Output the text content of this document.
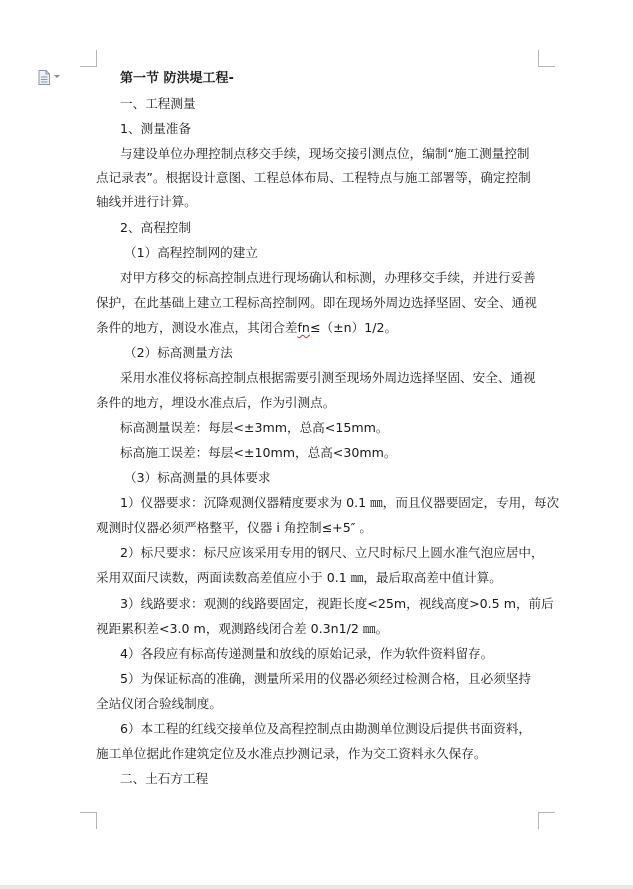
第一节 防洪堤工程-
一、工程测量
1、测量准备
与建设单位办理控制点移交手续，现场交接引测点位，编制“施工测量控制
点记录表”。根据设计意图、工程总体布局、工程特点与施工部署等，确定控制
轴线并进行计算。
2、高程控制
（1）高程控制网的建立
对甲方移交的标高控制点进行现场确认和标测，办理移交手续，并进行妥善
保护，在此基础上建立工程标高控制网。即在现场外周边选择坚固、安全、通视
条件的地方，测设水准点，其闭合差fn≤（±n）1/2。
（2）标高测量方法
采用水准仪将标高控制点根据需要引测至现场外周边选择坚固、安全、通视
条件的地方，埋设水准点后，作为引测点。
标高测量误差：每层<±3mm，总高<15mm。
标高施工误差：每层<±10mm，总高<30mm。
（3）标高测量的具体要求
1）仪器要求：沉降观测仪器精度要求为 0.1 ㎜，而且仪器要固定，专用，每次
观测时仪器必须严格整平，仪器 i 角控制≤+5″ 。
2）标尺要求：标尺应该采用专用的钢尺、立尺时标尺上圆水准气泡应居中，
采用双面尺读数，两面读数高差值应小于 0.1 ㎜，最后取高差中值计算。
3）线路要求：观测的线路要固定，视距长度<25m，视线高度>0.5 m，前后
视距累积差<3.0 m，观测路线闭合差 0.3n1/2 ㎜。
4）各段应有标高传递测量和放线的原始记录，作为软件资料留存。
5）为保证标高的准确，测量所采用的仪器必须经过检测合格，且必须坚持
全站仪闭合验线制度。
6）本工程的红线交接单位及高程控制点由勘测单位测设后提供书面资料，
施工单位据此作建筑定位及水准点抄测记录，作为交工资料永久保存。
二、土石方工程
